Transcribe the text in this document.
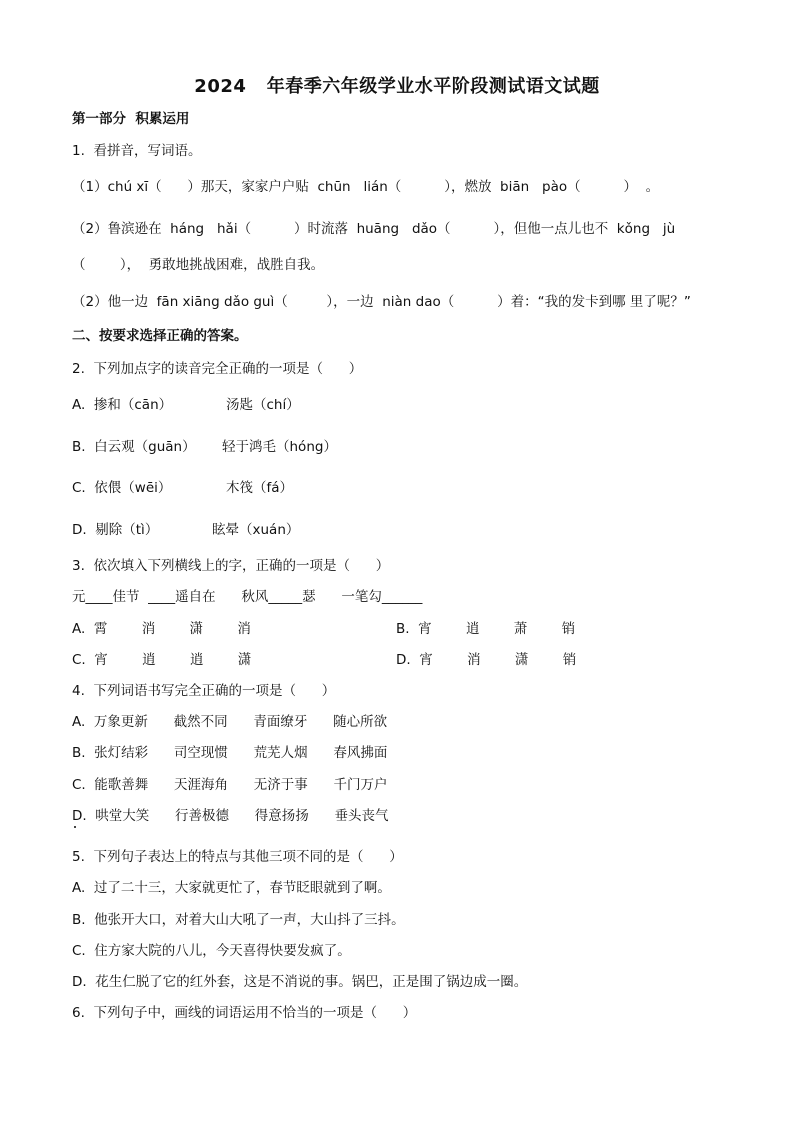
2024   年春季六年级学业水平阶段测试语文试题
第一部分  积累运用
1.  看拼音，写词语。
（1）chú xī（      ）那天，家家户户贴  chūn   lián（          ），燃放  biān   pào（          ）  。
（2）鲁滨逊在  háng   hǎi（          ）时流落  huāng   dǎo（          ），但他一点儿也不  kǒng   jù
（        ），  勇敢地挑战困难，战胜自我。
（2）他一边  fān xiāng dǎo guì（         ），一边  niàn dao（          ）着：“我的发卡到哪 里了呢？”
二、按要求选择正确的答案。
2.  下列加点字的读音完全正确的一项是（      ）
A.  掺和（cān）	汤匙（chí）
B.  白云观（guān） 轻于鸿毛（hóng）
C.  依偎（wēi）	木筏（fá）
D.  剔除（tì）	眩晕（xuán）
3.  依次填入下列横线上的字，正确的一项是（      ）
元____佳节  ____遥自在      秋风_____瑟      一笔勾______
A.  霄        消        潇        消	B.  宵        逍        萧        销
C.  宵        逍        逍        潇	D.  宵        消        潇        销
4.  下列词语书写完全正确的一项是（      ）
A.  万象更新      截然不同      青面缭牙      随心所欲
B.  张灯结彩      司空现惯      荒芜人烟      春风拂面
C.  能歌善舞      天涯海角      无济于事      千门万户
D.  哄堂大笑      行善极德      得意扬扬      垂头丧气
5.  下列句子表达上的特点与其他三项不同的是（      ）
A.  过了二十三，大家就更忙了，春节眨眼就到了啊。
B.  他张开大口，对着大山大吼了一声，大山抖了三抖。
C.  住方家大院的八儿，今天喜得快要发疯了。
D.  花生仁脱了它的红外套，这是不消说的事。锅巴，正是围了锅边成一圈。
6.  下列句子中，画线的词语运用不恰当的一项是（      ）
